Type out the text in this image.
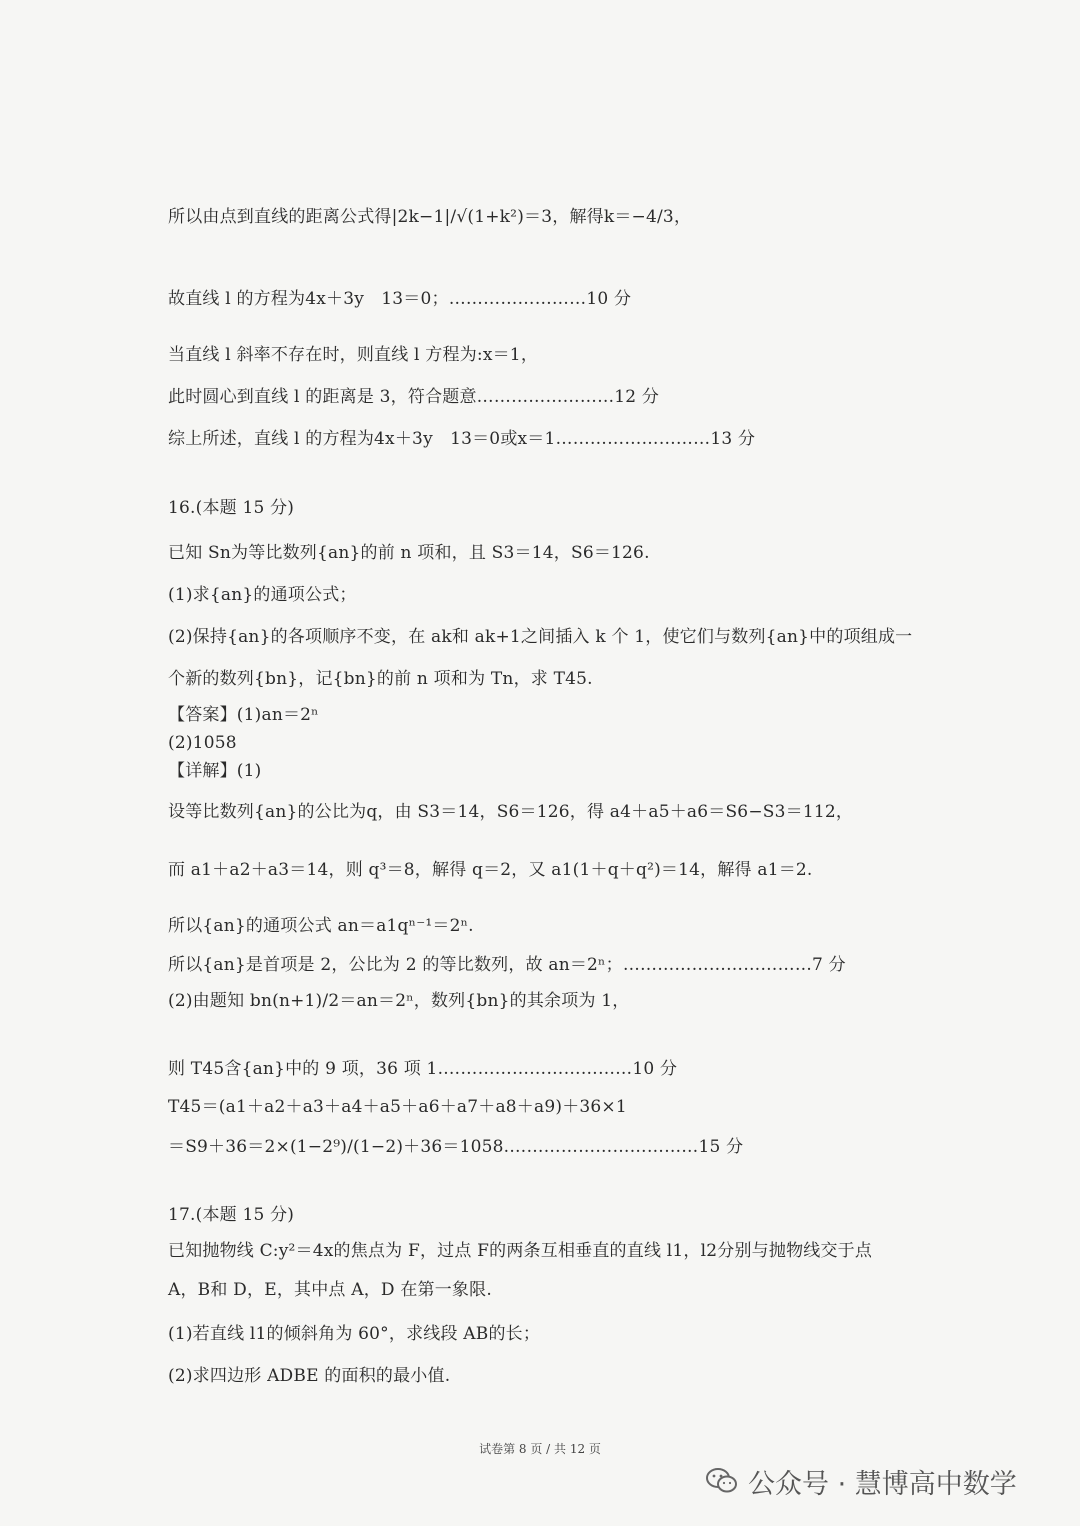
所以由点到直线的距离公式得|2k−1|/√(1+k²)＝3，解得k＝−4/3，
故直线 l 的方程为4x＋3y　13＝0；……………………10 分
当直线 l 斜率不存在时，则直线 l 方程为:x＝1，
此时圆心到直线 l 的距离是 3，符合题意……………………12 分
综上所述，直线 l 的方程为4x＋3y　13＝0或x＝1………………………13 分
16.(本题 15 分)
已知 Sn为等比数列{an}的前 n 项和，且 S3＝14，S6＝126.
(1)求{an}的通项公式；
(2)保持{an}的各项顺序不变，在 ak和 ak+1之间插入 k 个 1，使它们与数列{an}中的项组成一
个新的数列{bn}，记{bn}的前 n 项和为 Tn，求 T45.
【答案】(1)an＝2ⁿ
(2)1058
【详解】(1)
设等比数列{an}的公比为q，由 S3＝14，S6＝126，得 a4＋a5＋a6＝S6−S3＝112，
而 a1＋a2＋a3＝14，则 q³＝8，解得 q＝2，又 a1(1＋q＋q²)＝14，解得 a1＝2.
所以{an}的通项公式 an＝a1qⁿ⁻¹＝2ⁿ.
所以{an}是首项是 2，公比为 2 的等比数列，故 an＝2ⁿ；……………………………7 分
(2)由题知 bn(n+1)/2＝an＝2ⁿ，数列{bn}的其余项为 1，
则 T45含{an}中的 9 项，36 项 1.……………………………10 分
T45＝(a1＋a2＋a3＋a4＋a5＋a6＋a7＋a8＋a9)＋36×1
＝S9＋36＝2×(1−2⁹)/(1−2)＋36＝1058.……………………………15 分
17.(本题 15 分)
已知抛物线 C:y²＝4x的焦点为 F，过点 F的两条互相垂直的直线 l1，l2分别与抛物线交于点
A，B和 D，E，其中点 A，D 在第一象限.
(1)若直线 l1的倾斜角为 60°，求线段 AB的长；
(2)求四边形 ADBE 的面积的最小值.
试卷第 8 页 / 共 12 页
公众号 · 慧博高中数学
